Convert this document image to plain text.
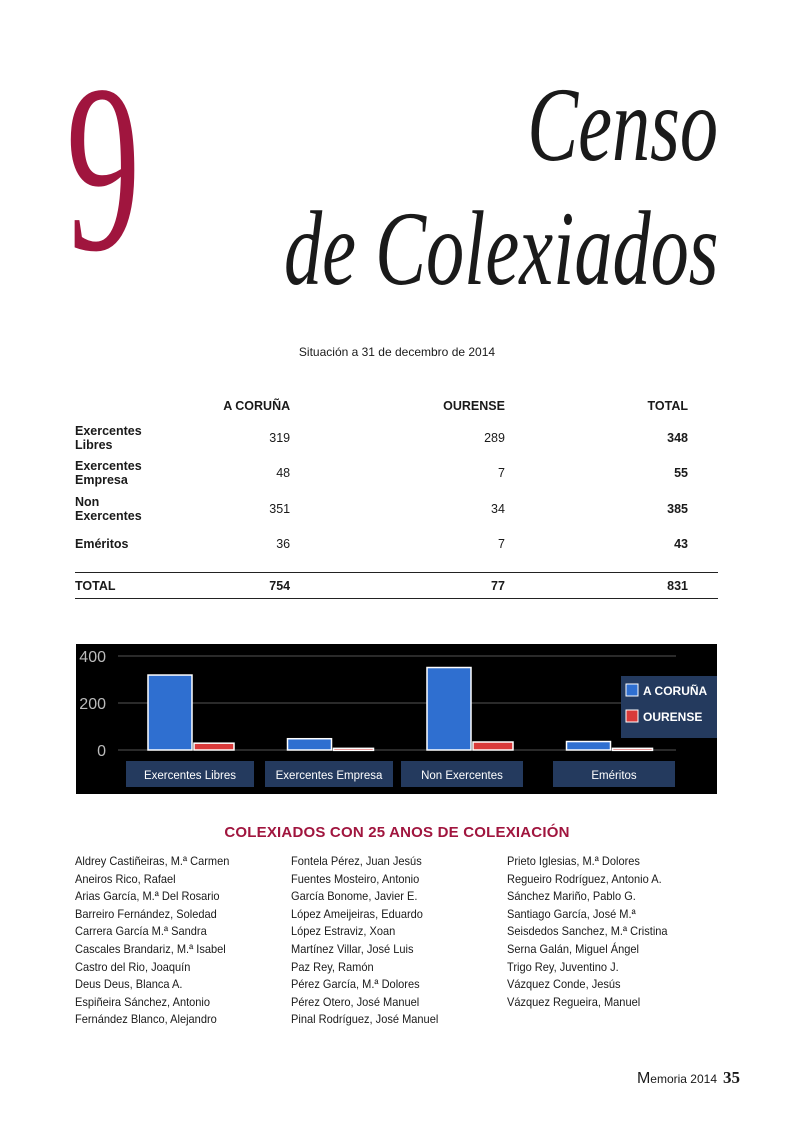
9	Censo
de Colexiados
Situación a 31 de decembro de 2014
	A CORUÑA	OURENSE	TOTAL
Exercentes Libres	319	289	348
Exercentes Empresa	48	7	55
Non Exercentes	351	34	385
Eméritos	36	7	43

TOTAL	754	77	831
400
200
0
Exercentes Libres	Exercentes Empresa	Non Exercentes	Eméritos
A CORUÑA
OURENSE
COLEXIADOS CON 25 ANOS DE COLEXIACIÓN
Aldrey Castiñeiras, M.ª Carmen
Aneiros Rico, Rafael
Arias García, M.ª Del Rosario
Barreiro Fernández, Soledad
Carrera García M.ª Sandra
Cascales Brandariz, M.ª Isabel
Castro del Rio, Joaquín
Deus Deus, Blanca A.
Espiñeira Sánchez, Antonio
Fernández Blanco, Alejandro
Fontela Pérez, Juan Jesús
Fuentes Mosteiro, Antonio
García Bonome, Javier E.
López Ameijeiras, Eduardo
López Estraviz, Xoan
Martínez Villar, José Luis
Paz Rey, Ramón
Pérez García, M.ª Dolores
Pérez Otero, José Manuel
Pinal Rodríguez, José Manuel
Prieto Iglesias, M.ª Dolores
Regueiro Rodríguez, Antonio A.
Sánchez Mariño, Pablo G.
Santiago García, José M.ª
Seisdedos Sanchez, M.ª Cristina
Serna Galán, Miguel Ángel
Trigo Rey, Juventino J.
Vázquez Conde, Jesús
Vázquez Regueira, Manuel
Memoria 2014 35
